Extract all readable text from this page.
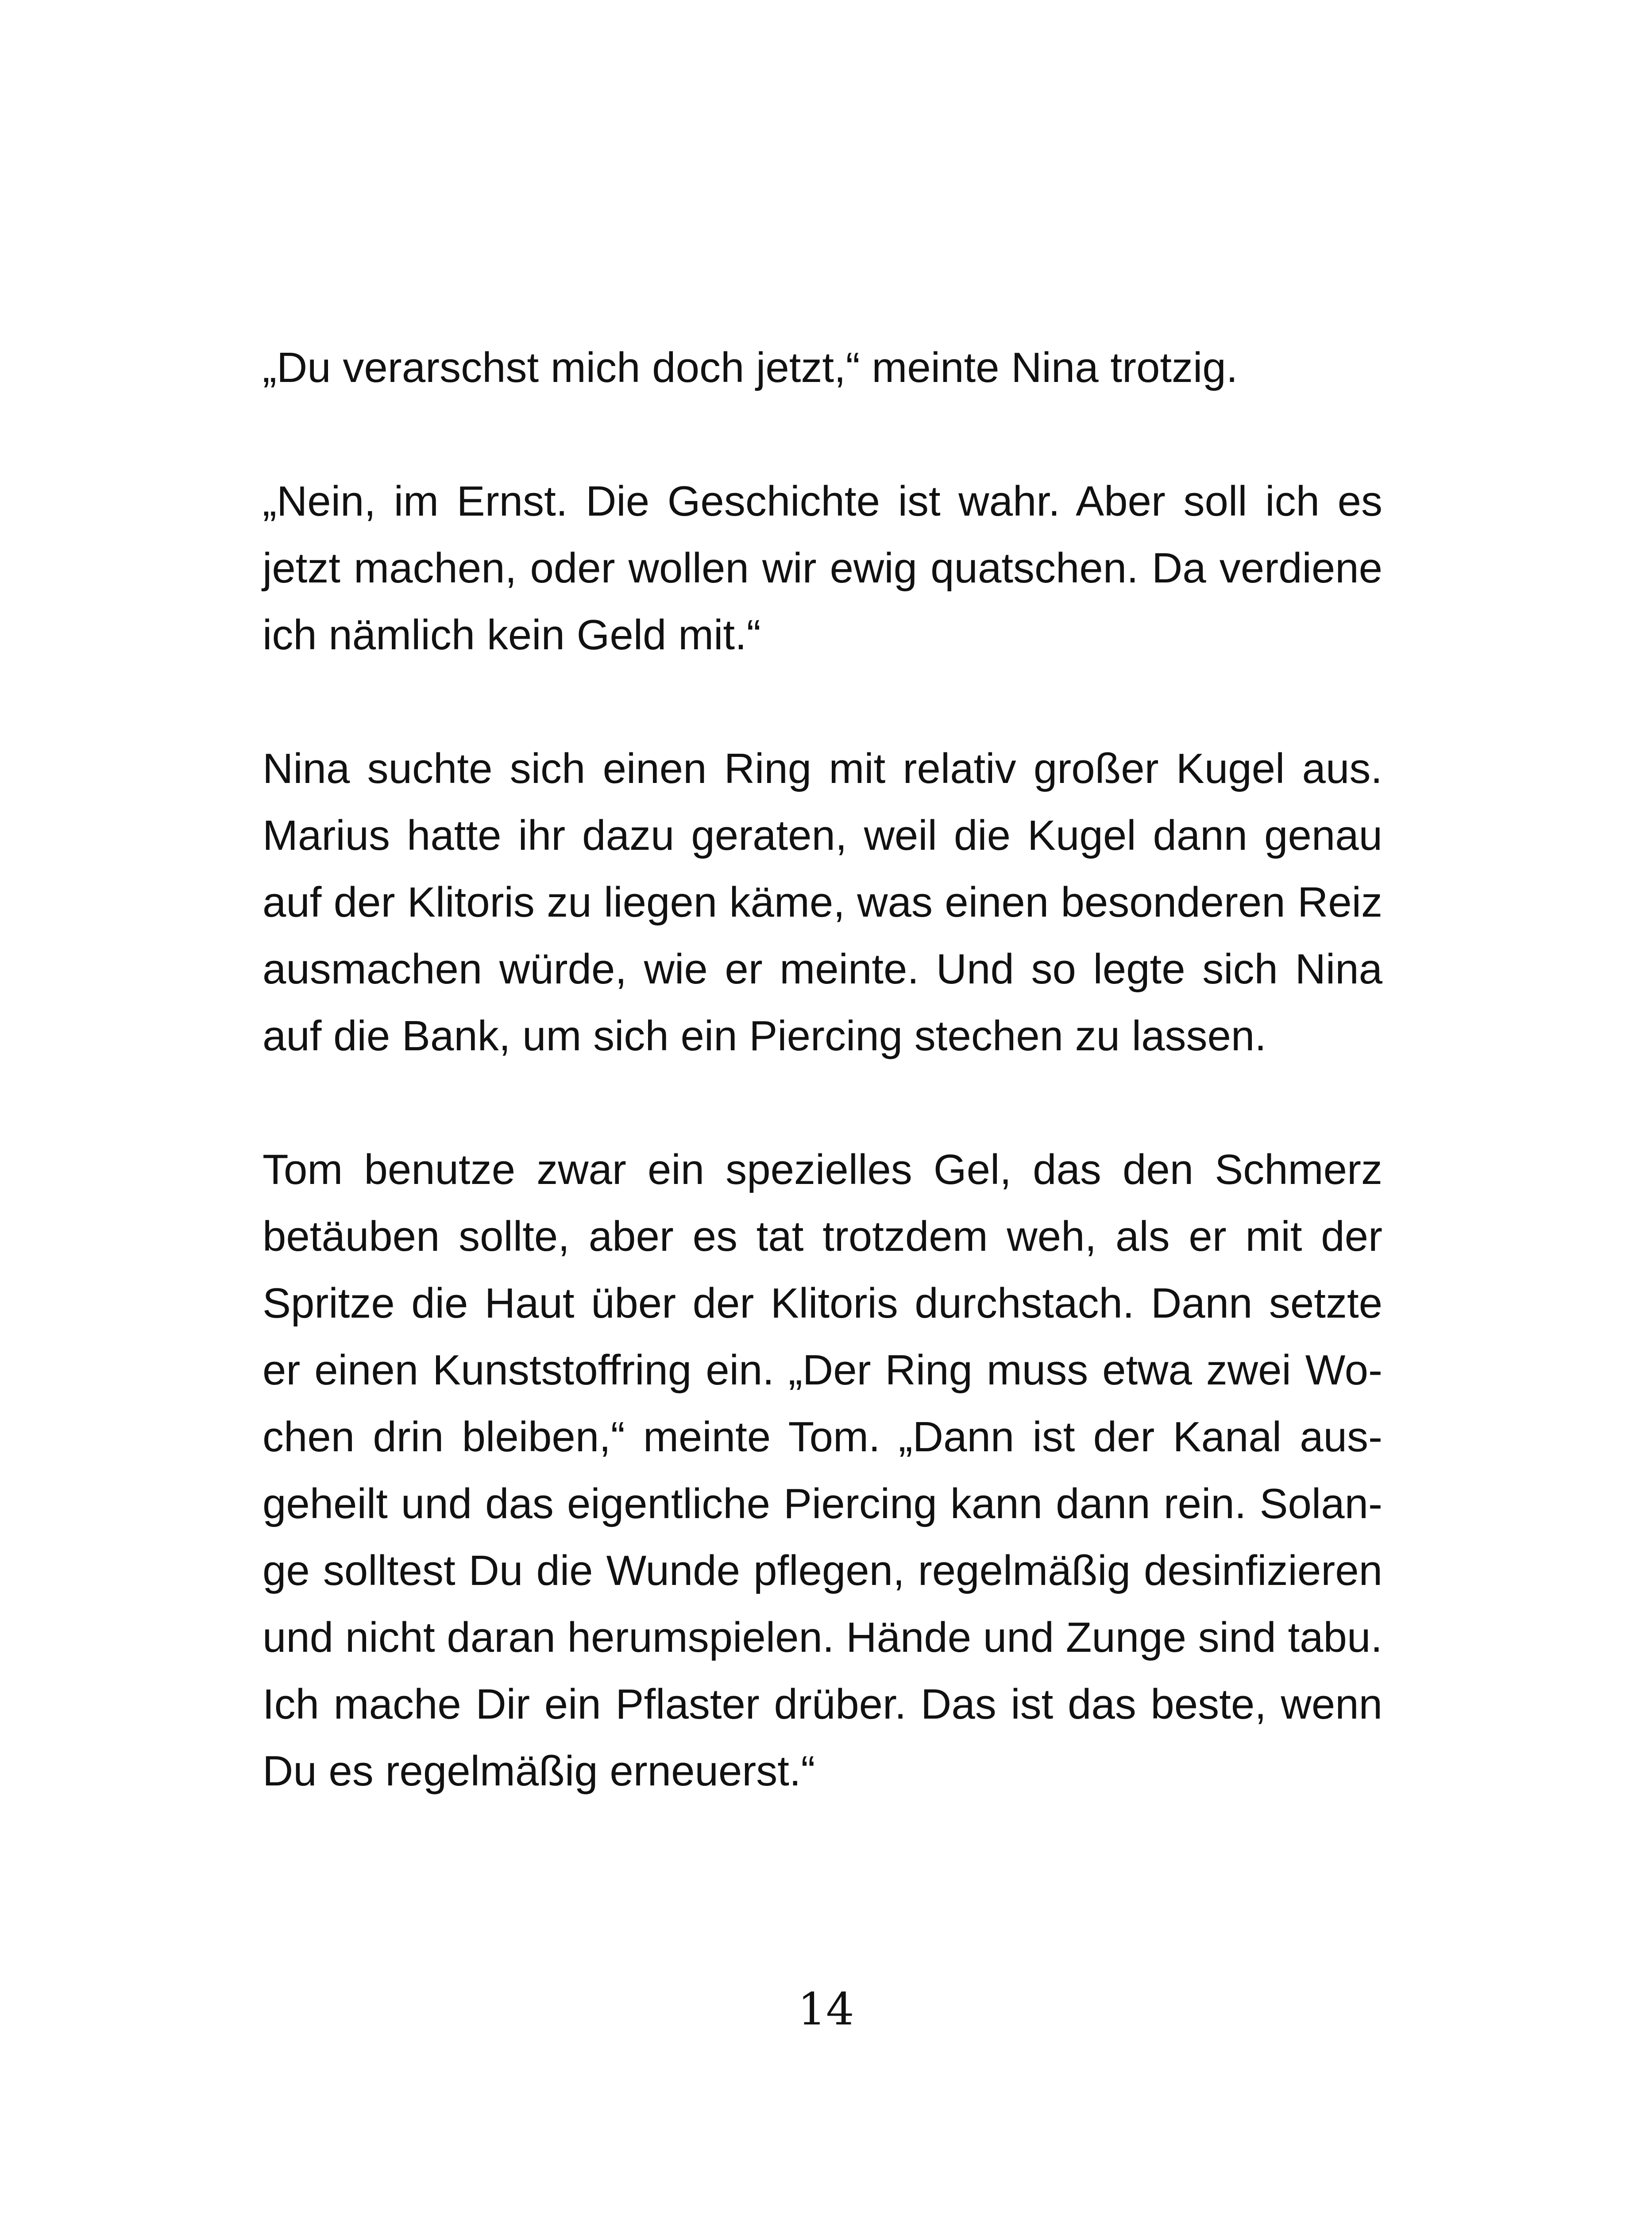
„Du verarschst mich doch jetzt,“ meinte Nina trotzig.

„Nein, im Ernst. Die Geschichte ist wahr. Aber soll ich es jetzt machen, oder wollen wir ewig quatschen. Da verdiene ich nämlich kein Geld mit.“

Nina suchte sich einen Ring mit relativ großer Kugel aus. Marius hatte ihr dazu geraten, weil die Kugel dann genau auf der Klitoris zu liegen käme, was einen besonderen Reiz ausmachen würde, wie er meinte. Und so legte sich Nina auf die Bank, um sich ein Piercing stechen zu lassen.

Tom benutze zwar ein spezielles Gel, das den Schmerz betäuben sollte, aber es tat trotzdem weh, als er mit der Spritze die Haut über der Klitoris durchstach. Dann setzte er einen Kunststoffring ein. „Der Ring muss etwa zwei Wochen drin bleiben,“ meinte Tom. „Dann ist der Kanal ausgeheilt und das eigentliche Piercing kann dann rein. Solange solltest Du die Wunde pflegen, regelmäßig desinfizieren und nicht daran herumspielen. Hände und Zunge sind tabu. Ich mache Dir ein Pflaster drüber. Das ist das beste, wenn Du es regelmäßig erneuerst.“

14
